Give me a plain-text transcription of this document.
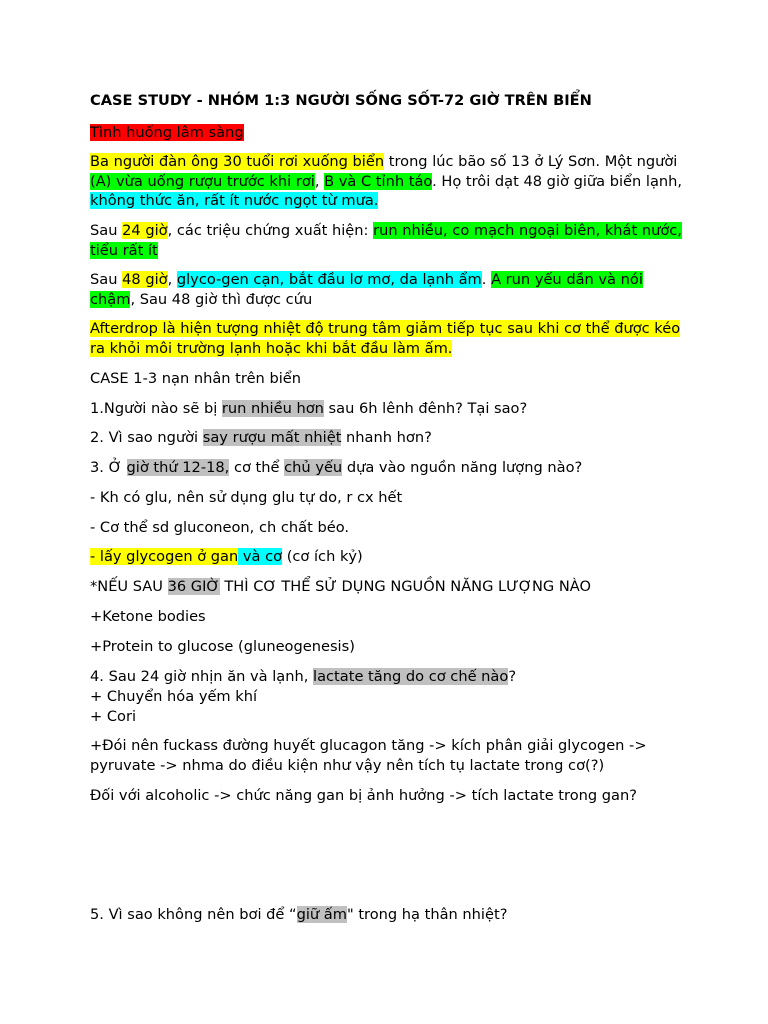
CASE STUDY - NHÓM 1:3 NGƯỜI SỐNG SỐT-72 GIỜ TRÊN BIỂN

Tình huống lâm sàng

Ba người đàn ông 30 tuổi rơi xuống biển trong lúc bão số 13 ở Lý Sơn. Một người (A) vừa uống rượu trước khi rơi, B và C tỉnh táo. Họ trôi dạt 48 giờ giữa biển lạnh, không thức ăn, rất ít nước ngọt từ mưa.

Sau 24 giờ, các triệu chứng xuất hiện: run nhiều, co mạch ngoại biên, khát nước, tiểu rất ít

Sau 48 giờ, glyco-gen cạn, bắt đầu lơ mơ, da lạnh ẩm. A run yếu dần và nói chậm, Sau 48 giờ thì được cứu

Afterdrop là hiện tượng nhiệt độ trung tâm giảm tiếp tục sau khi cơ thể được kéo ra khỏi môi trường lạnh hoặc khi bắt đầu làm ấm.

CASE 1-3 nạn nhân trên biển

1.Người nào sẽ bị run nhiều hơn sau 6h lênh đênh? Tại sao?

2. Vì sao người say rượu mất nhiệt nhanh hơn?

3. Ở giờ thứ 12-18, cơ thể chủ yếu dựa vào nguồn năng lượng nào?

- Kh có glu, nên sử dụng glu tự do, r cx hết

- Cơ thể sd gluconeon, ch chất béo.

- lấy glycogen ở gan và cơ (cơ ích kỷ)

*NẾU SAU 36 GIỜ THÌ CƠ THỂ SỬ DỤNG NGUỒN NĂNG LƯỢNG NÀO

+Ketone bodies

+Protein to glucose (gluneogenesis)

4. Sau 24 giờ nhịn ăn và lạnh, lactate tăng do cơ chế nào?

+ Chuyển hóa yếm khí

+ Cori

+Đói nên fuckass đường huyết glucagon tăng -> kích phân giải glycogen -> pyruvate -> nhma do điều kiện như vậy nên tích tụ lactate trong cơ(?)

Đối với alcoholic -> chức năng gan bị ảnh hưởng -> tích lactate trong gan?

5. Vì sao không nên bơi để “giữ ấm" trong hạ thân nhiệt?
